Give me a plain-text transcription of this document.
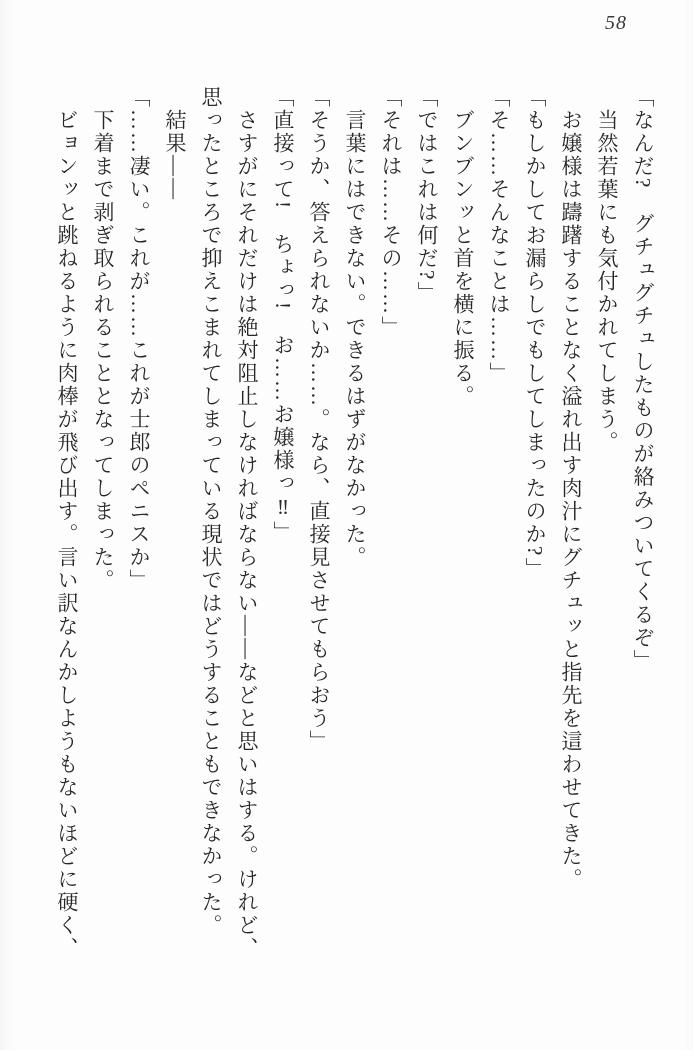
58

「なんだ?　グチュグチュしたものが絡みついてくるぞ」

　当然若葉にも気付かれてしまう。

　お嬢様は躊躇することなく溢れ出す肉汁にグチュッと指先を這わせてきた。

「もしかしてお漏らしでもしてしまったのか?」

「そ……そんなことは……」

　ブンブンッと首を横に振る。

「ではこれは何だ?」

「それは……その……」

　言葉にはできない。できるはずがなかった。

「そうか、答えられないか……。なら、直接見させてもらおう」

「直接って!　ちょっ!　お……お嬢様っ‼」

　さすがにそれだけは絶対阻止しなければならない――などと思いはする。けれど、

思ったところで抑えこまれてしまっている現状ではどうすることもできなかった。

　結果――

「……凄い。これが……これが士郎のペニスか」

　下着まで剥ぎ取られることとなってしまった。

　ビョンッと跳ねるように肉棒が飛び出す。言い訳なんかしようもないほどに硬く、
